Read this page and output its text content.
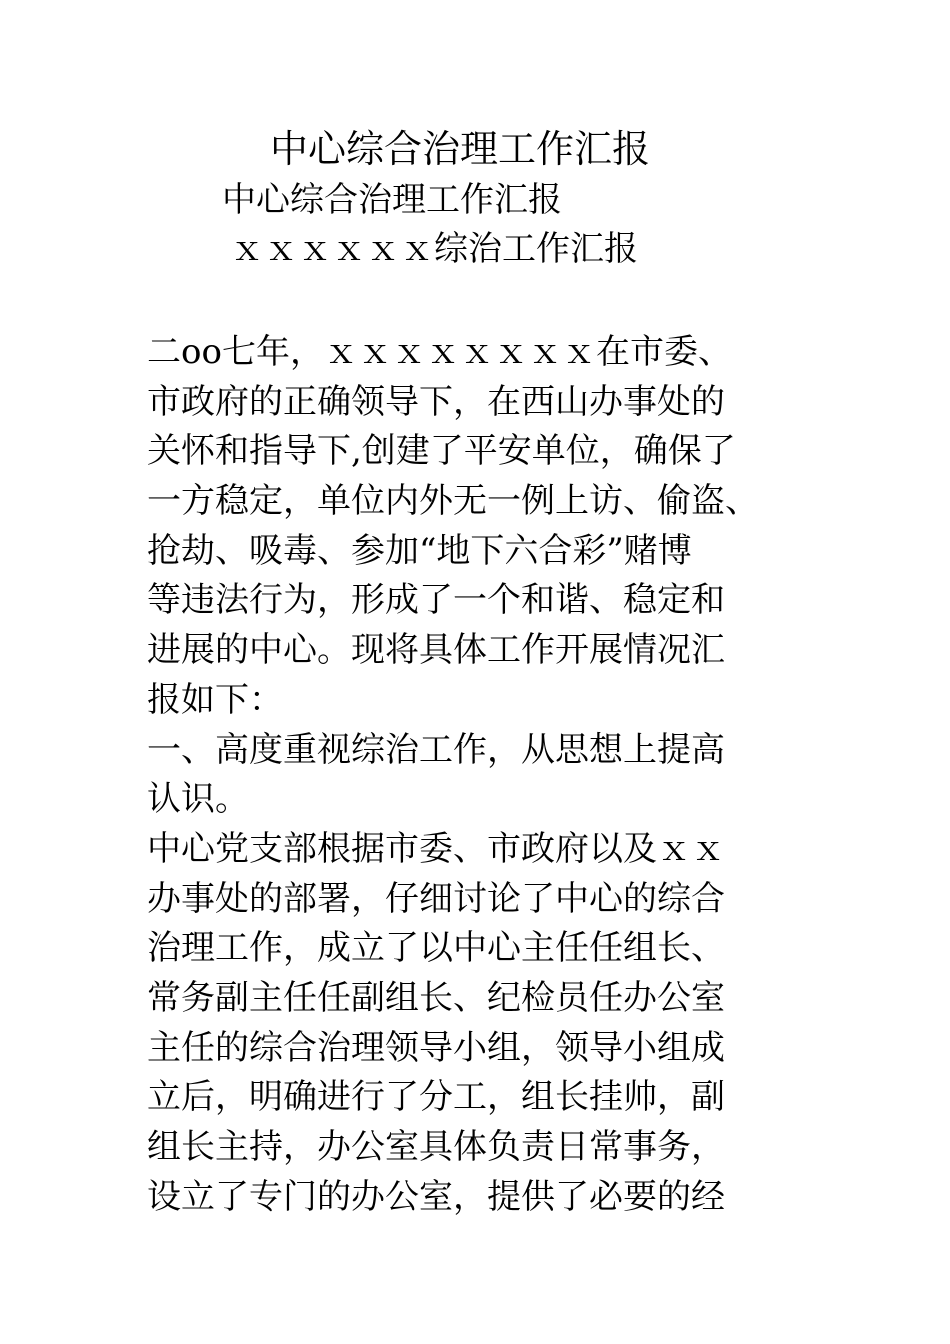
中心综合治理工作汇报
中心综合治理工作汇报
ｘｘｘｘｘｘ综治工作汇报
二oo七年，ｘｘｘｘｘｘｘｘ在市委、
市政府的正确领导下，在西山办事处的
关怀和指导下,创建了平安单位，确保了
一方稳定，单位内外无一例上访、偷盗、
抢劫、吸毒、参加“地下六合彩”赌博
等违法行为，形成了一个和谐、稳定和
进展的中心。现将具体工作开展情况汇
报如下：
一、高度重视综治工作，从思想上提高
认识。
中心党支部根据市委、市政府以及ｘｘ
办事处的部署，仔细讨论了中心的综合
治理工作，成立了以中心主任任组长、
常务副主任任副组长、纪检员任办公室
主任的综合治理领导小组，领导小组成
立后，明确进行了分工，组长挂帅，副
组长主持，办公室具体负责日常事务，
设立了专门的办公室，提供了必要的经
